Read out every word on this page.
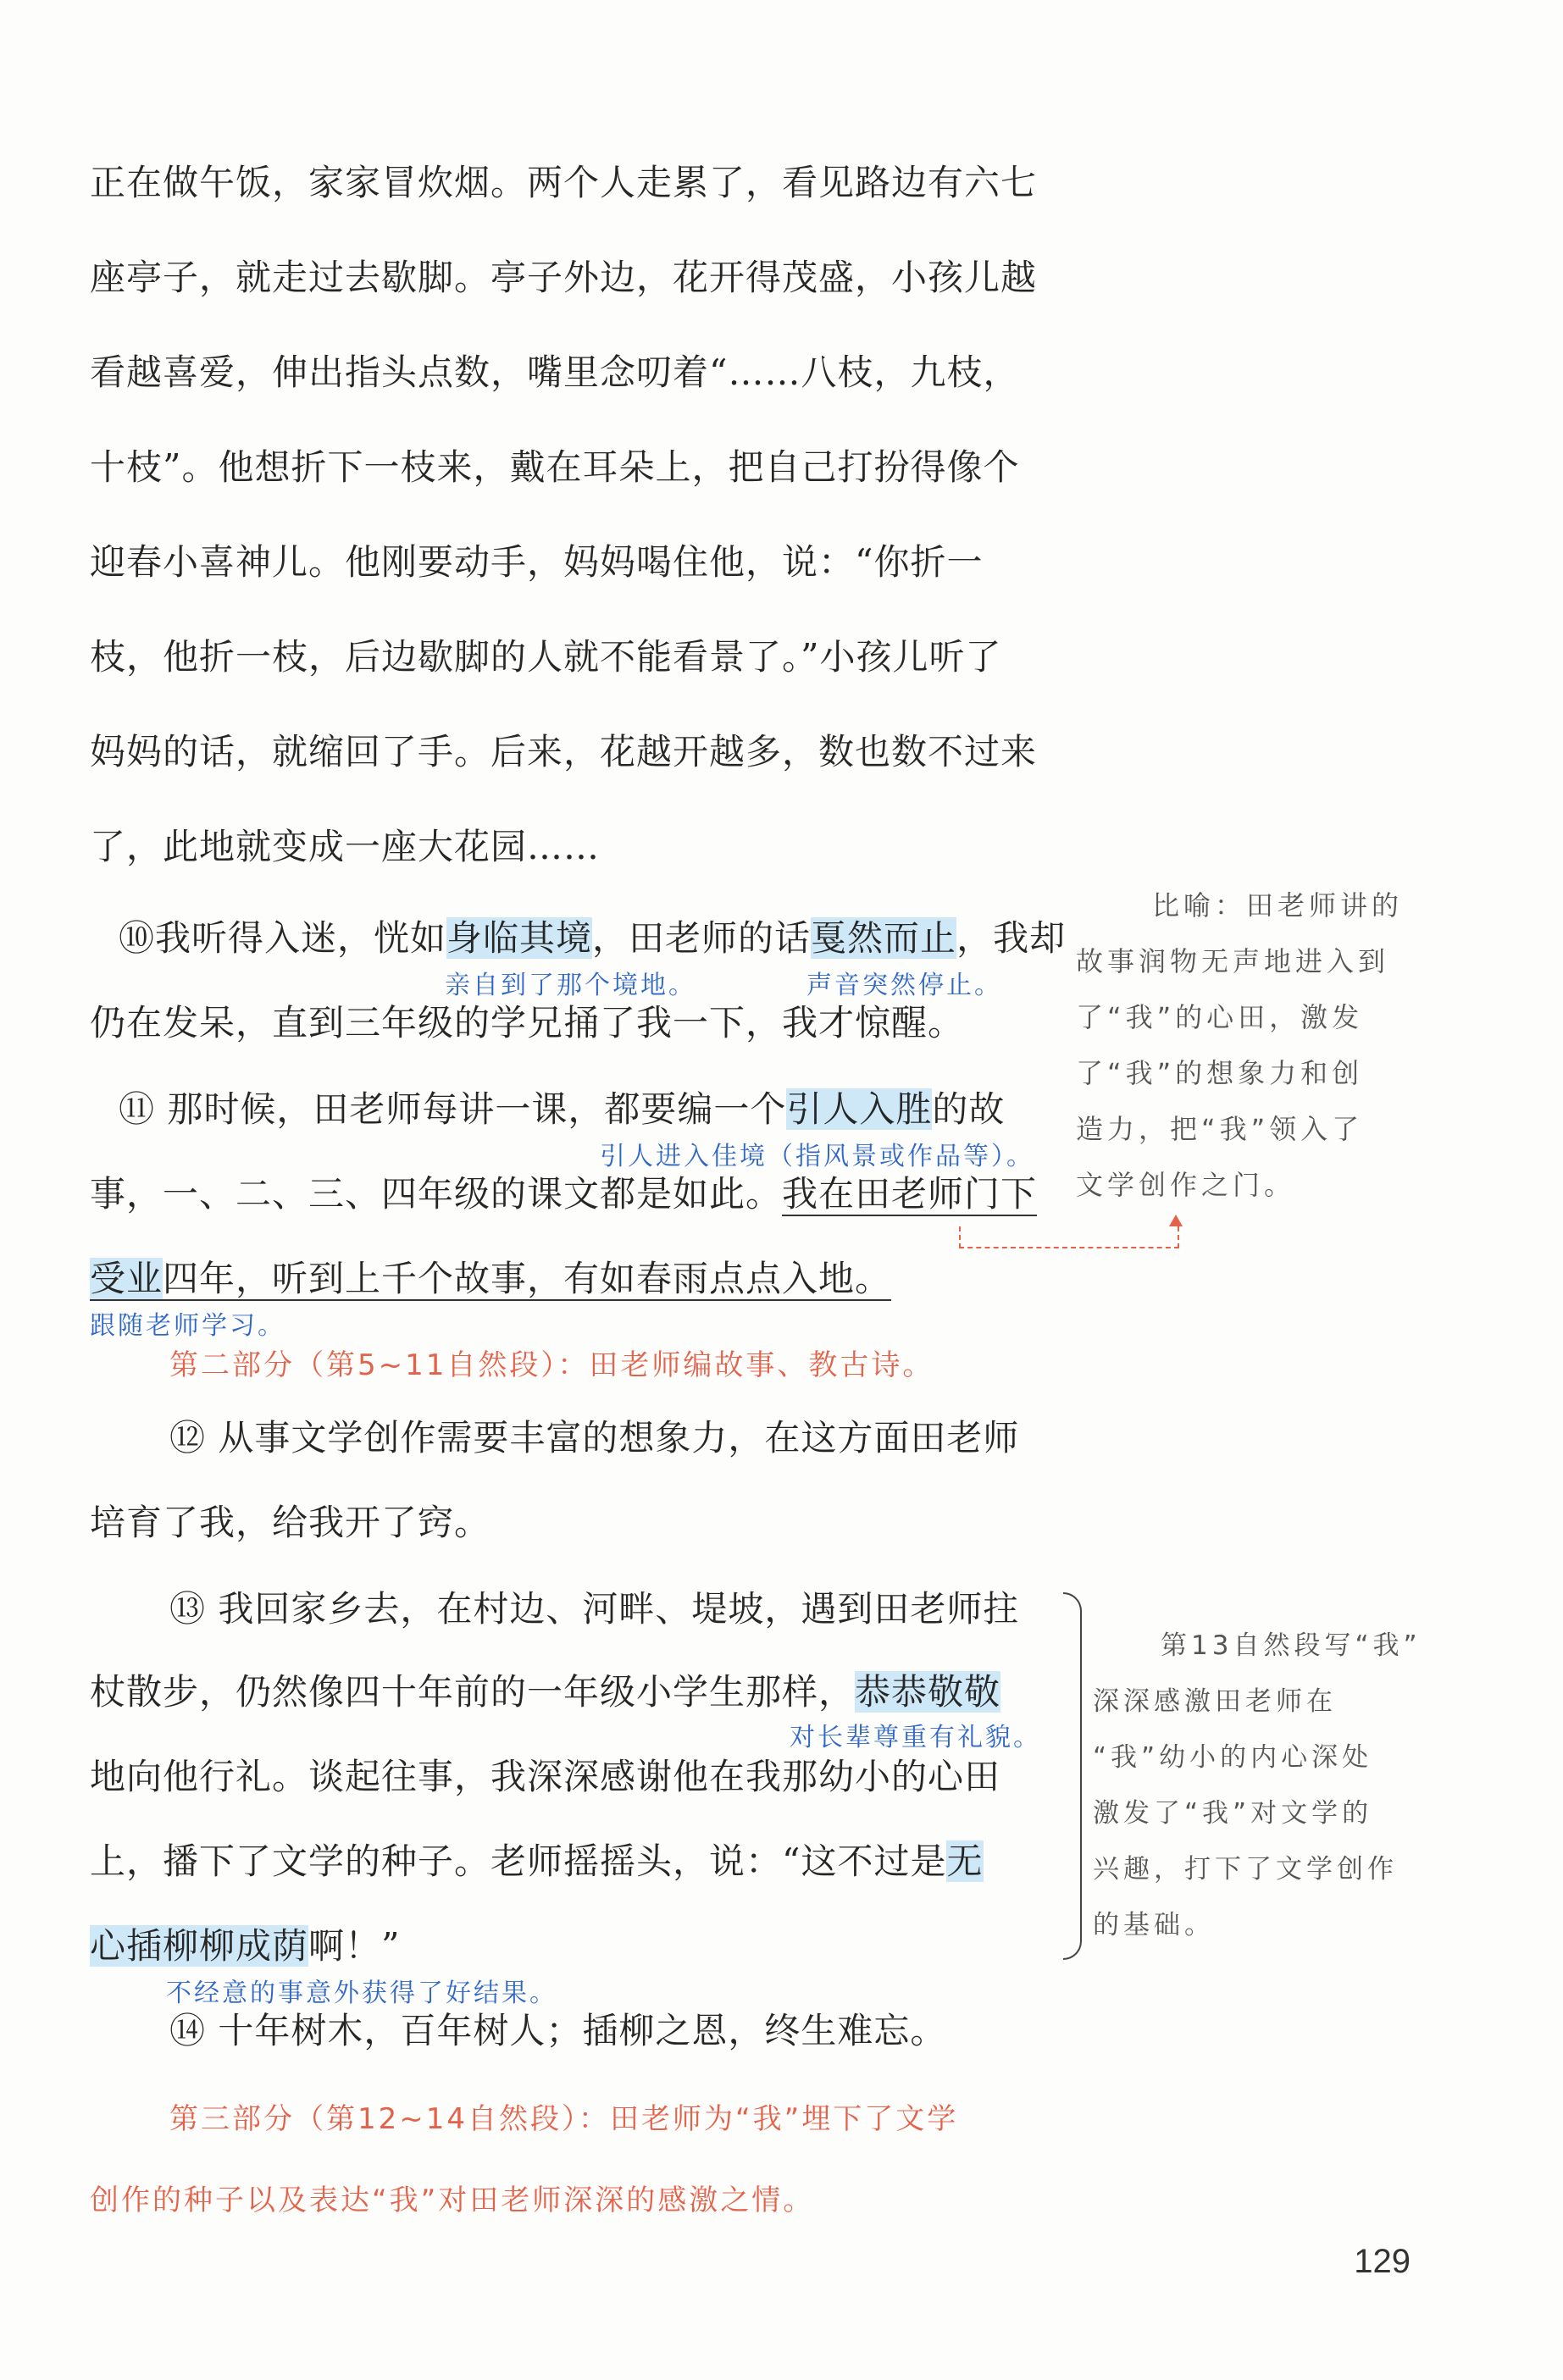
正在做午饭，家家冒炊烟。两个人走累了，看见路边有六七
座亭子，就走过去歇脚。亭子外边，花开得茂盛，小孩儿越
看越喜爱，伸出指头点数，嘴里念叨着“……八枝，九枝，
十枝”。他想折下一枝来，戴在耳朵上，把自己打扮得像个
迎春小喜神儿。他刚要动手，妈妈喝住他，说：“你折一
枝，他折一枝，后边歇脚的人就不能看景了。”小孩儿听了
妈妈的话，就缩回了手。后来，花越开越多，数也数不过来
了，此地就变成一座大花园……
⑩我听得入迷，恍如身临其境，田老师的话戛然而止，我却
亲自到了那个境地。	声音突然停止。
仍在发呆，直到三年级的学兄捅了我一下，我才惊醒。
⑪ 那时候，田老师每讲一课，都要编一个引人入胜的故
引人进入佳境（指风景或作品等）。
事，一、二、三、四年级的课文都是如此。我在田老师门下
受业四年，听到上千个故事，有如春雨点点入地。
跟随老师学习。
第二部分（第5~11自然段）：田老师编故事、教古诗。
⑫ 从事文学创作需要丰富的想象力，在这方面田老师
培育了我，给我开了窍。
⑬ 我回家乡去，在村边、河畔、堤坡，遇到田老师拄
杖散步，仍然像四十年前的一年级小学生那样，恭恭敬敬
对长辈尊重有礼貌。
地向他行礼。谈起往事，我深深感谢他在我那幼小的心田
上，播下了文学的种子。老师摇摇头，说：“这不过是无
心插柳柳成荫啊！”
不经意的事意外获得了好结果。
⑭ 十年树木，百年树人；插柳之恩，终生难忘。
第三部分（第12~14自然段）：田老师为“我”埋下了文学
创作的种子以及表达“我”对田老师深深的感激之情。
比喻：田老师讲的
故事润物无声地进入到
了“我”的心田，激发
了“我”的想象力和创
造力，把“我”领入了
文学创作之门。
第13自然段写“我”
深深感激田老师在
“我”幼小的内心深处
激发了“我”对文学的
兴趣，打下了文学创作
的基础。
129
